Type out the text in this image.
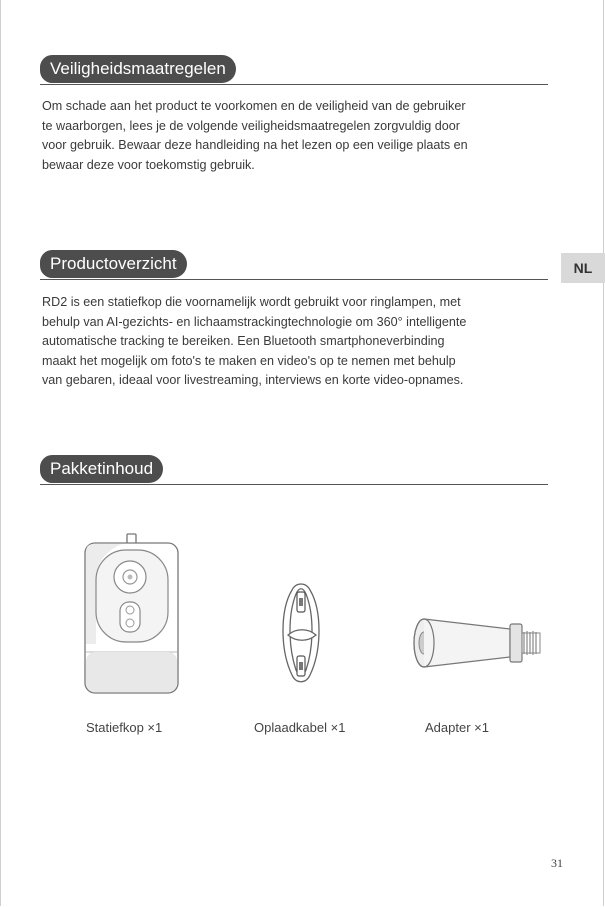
Veiligheidsmaatregelen
Om schade aan het product te voorkomen en de veiligheid van de gebruiker
te waarborgen, lees je de volgende veiligheidsmaatregelen zorgvuldig door
voor gebruik. Bewaar deze handleiding na het lezen op een veilige plaats en
bewaar deze voor toekomstig gebruik.
NL
Productoverzicht
RD2 is een statiefkop die voornamelijk wordt gebruikt voor ringlampen, met
behulp van AI-gezichts- en lichaamstrackingtechnologie om 360° intelligente
automatische tracking te bereiken. Een Bluetooth smartphoneverbinding
maakt het mogelijk om foto's te maken en video's op te nemen met behulp
van gebaren, ideaal voor livestreaming, interviews en korte video-opnames.
Pakketinhoud
Statiefkop ×1	Oplaadkabel ×1	Adapter ×1
31
